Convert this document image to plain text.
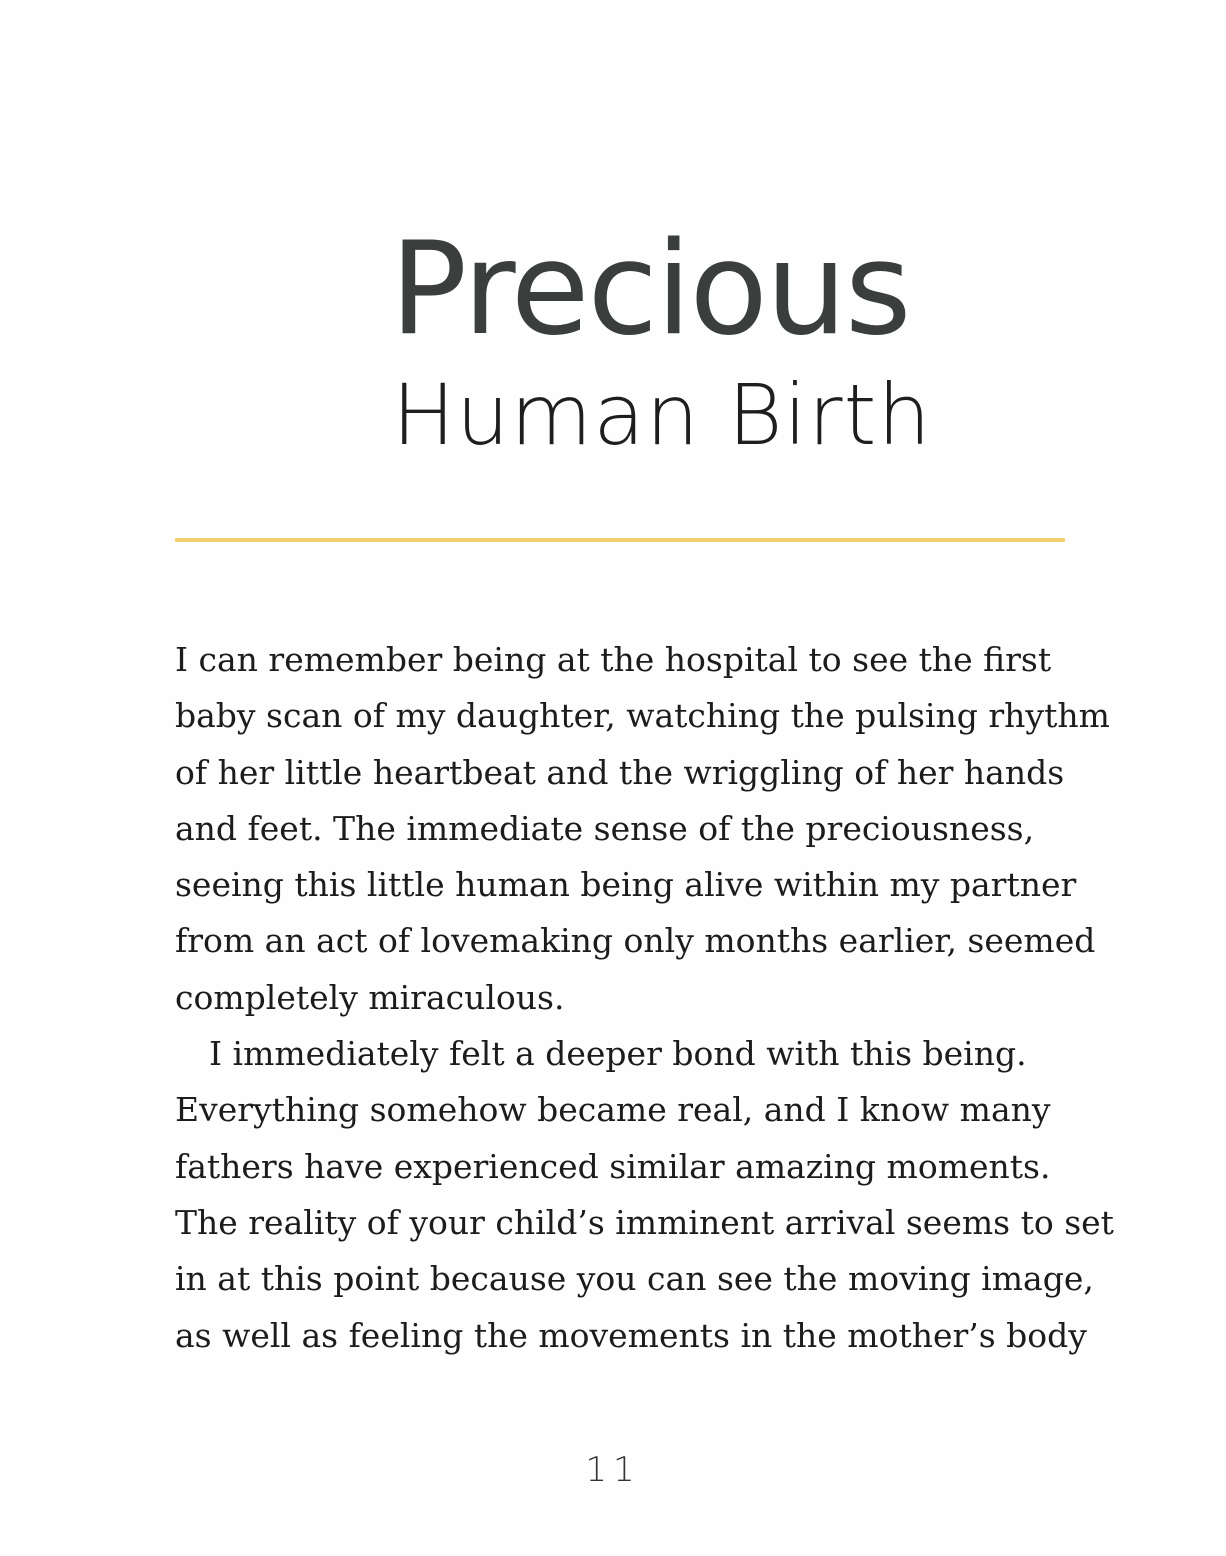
Precious
Human Birth
I can remember being at the hospital to see the first
baby scan of my daughter, watching the pulsing rhythm
of her little heartbeat and the wriggling of her hands
and feet. The immediate sense of the preciousness,
seeing this little human being alive within my partner
from an act of lovemaking only months earlier, seemed
completely miraculous.
I immediately felt a deeper bond with this being.
Everything somehow became real, and I know many
fathers have experienced similar amazing moments.
The reality of your child’s imminent arrival seems to set
in at this point because you can see the moving image,
as well as feeling the movements in the mother’s body
11
